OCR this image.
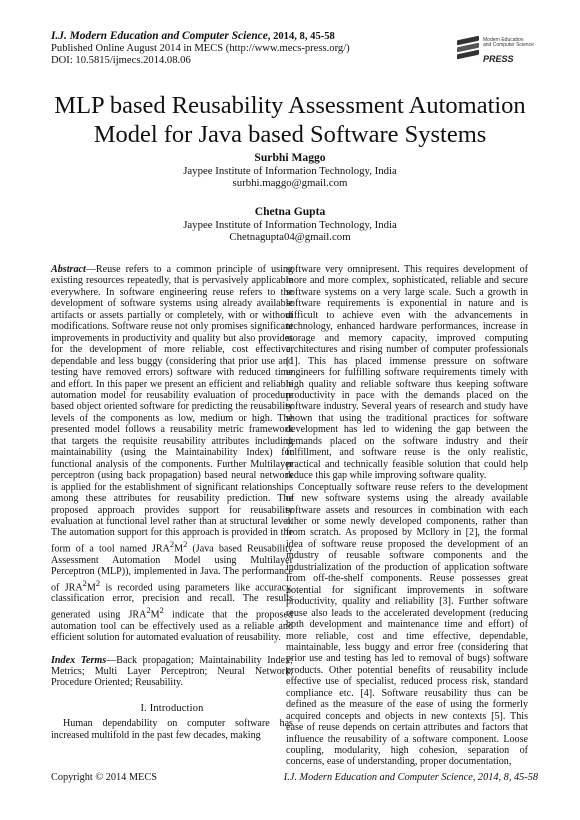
I.J. Modern Education and Computer Science, 2014, 8, 45-58
Published Online August 2014 in MECS (http://www.mecs-press.org/)
DOI: 10.5815/ijmecs.2014.08.06
Modern Education
and Computer Science
PRESS
MLP based Reusability Assessment Automation
Model for Java based Software Systems
Surbhi Maggo
Jaypee Institute of Information Technology, India
surbhi.maggo@gmail.com
Chetna Gupta
Jaypee Institute of Information Technology, India
Chetnagupta04@gmail.com

Abstract—Reuse refers to a common principle of using existing resources repeatedly, that is pervasively applicable everywhere. In software engineering reuse refers to the development of software systems using already available artifacts or assets partially or completely, with or without modifications. Software reuse not only promises significant improvements in productivity and quality but also provides for the development of more reliable, cost effective, dependable and less buggy (considering that prior use and testing have removed errors) software with reduced time and effort. In this paper we present an efficient and reliable automation model for reusability evaluation of procedure based object oriented software for predicting the reusability levels of the components as low, medium or high. The presented model follows a reusability metric framework that targets the requisite reusability attributes including maintainability (using the Maintainability Index) for functional analysis of the components. Further Multilayer perceptron (using back propagation) based neural network is applied for the establishment of significant relationships among these attributes for reusability prediction. The proposed approach provides support for reusability evaluation at functional level rather than at structural level. The automation support for this approach is provided in the form of a tool named $JRA^2M^2$ (Java based Reusability Assessment Automation Model using Multilayer Perceptron (MLP)), implemented in Java. The performance of $JRA^2M^2$ is recorded using parameters like accuracy, classification error, precision and recall. The results generated using $JRA^2M^2$ indicate that the proposed automation tool can be effectively used as a reliable and efficient solution for automated evaluation of reusability.

Index Terms—Back propagation; Maintainability Index; Metrics; Multi Layer Perceptron; Neural Network; Procedure Oriented; Reusability.

I. Introduction

Human dependability on computer software has increased multifold in the past few decades, making

software very omnipresent. This requires development of more and more complex, sophisticated, reliable and secure software systems on a very large scale. Such a growth in software requirements is exponential in nature and is difficult to achieve even with the advancements in technology, enhanced hardware performances, increase in storage and memory capacity, improved computing architectures and rising number of computer professionals [1]. This has placed immense pressure on software engineers for fulfilling software requirements timely with high quality and reliable software thus keeping software productivity in pace with the demands placed on the software industry. Several years of research and study have shown that using the traditional practices for software development has led to widening the gap between the demands placed on the software industry and their fulfillment, and software reuse is the only realistic, practical and technically feasible solution that could help reduce this gap while improving software quality.

Conceptually software reuse refers to the development of new software systems using the already available software assets and resources in combination with each other or some newly developed components, rather than from scratch. As proposed by Mcllory in [2], the formal idea of software reuse proposed the development of an industry of reusable software components and the industrialization of the production of application software from off-the-shelf components. Reuse possesses great potential for significant improvements in software productivity, quality and reliability [3]. Further software reuse also leads to the accelerated development (reducing both development and maintenance time and effort) of more reliable, cost and time effective, dependable, maintainable, less buggy and error free (considering that prior use and testing has led to removal of bugs) software products. Other potential benefits of reusability include effective use of specialist, reduced process risk, standard compliance etc. [4]. Software reusability thus can be defined as the measure of the ease of using the formerly acquired concepts and objects in new contexts [5]. This ease of reuse depends on certain attributes and factors that influence the reusability of a software component. Loose coupling, modularity, high cohesion, separation of concerns, ease of understanding, proper documentation,

Copyright © 2014 MECS	I.J. Modern Education and Computer Science, 2014, 8, 45-58
